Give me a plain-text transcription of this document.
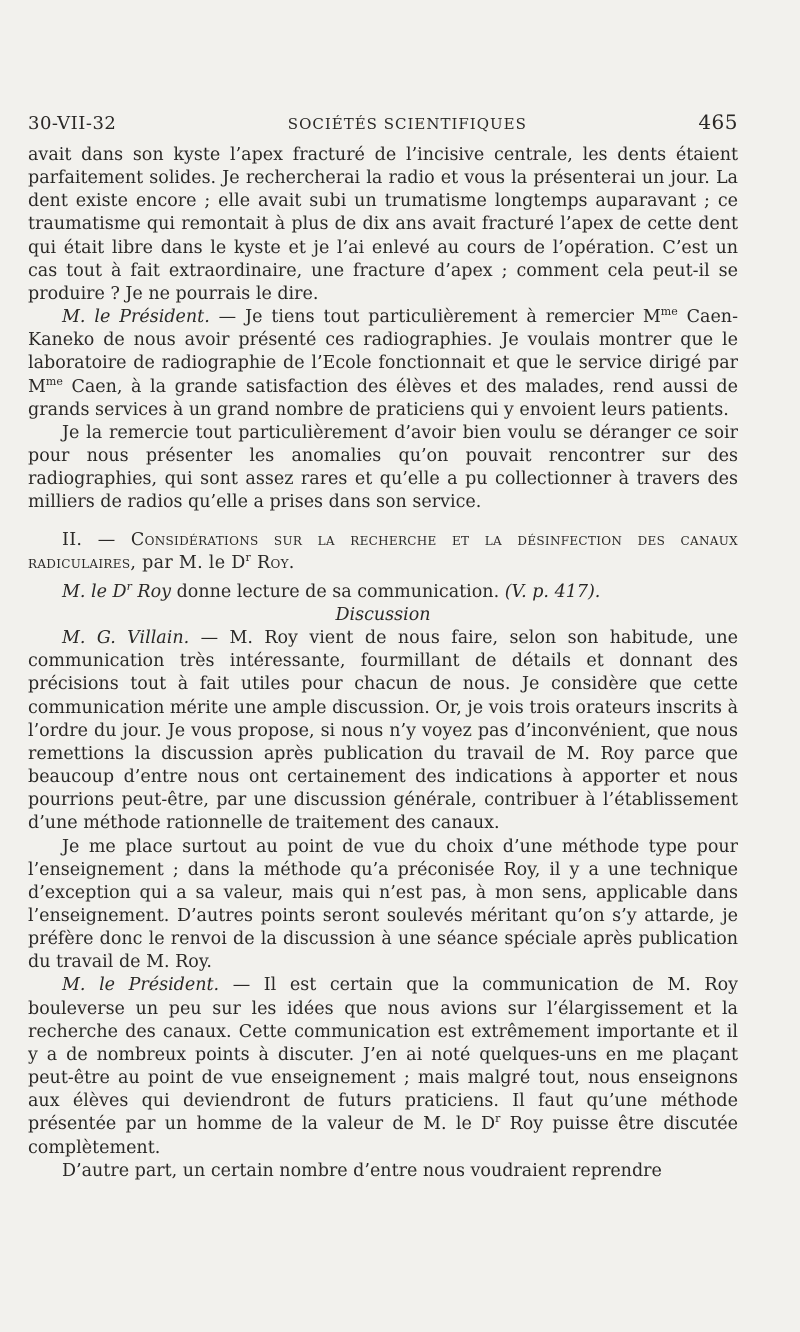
30-VII-32	SOCIÉTÉS SCIENTIFIQUES	465

avait dans son kyste l’apex fracturé de l’incisive centrale, les dents étaient parfaitement solides. Je rechercherai la radio et vous la présenterai un jour. La dent existe encore ; elle avait subi un trumatisme longtemps auparavant ; ce traumatisme qui remontait à plus de dix ans avait fracturé l’apex de cette dent qui était libre dans le kyste et je l’ai enlevé au cours de l’opération. C’est un cas tout à fait extraordinaire, une fracture d’apex ; comment cela peut-il se produire ? Je ne pourrais le dire.

M. le Président. — Je tiens tout particulièrement à remercier $M^{me}$ Caen-Kaneko de nous avoir présenté ces radiographies. Je voulais montrer que le laboratoire de radiographie de l’Ecole fonctionnait et que le service dirigé par $M^{me}$ Caen, à la grande satisfaction des élèves et des malades, rend aussi de grands services à un grand nombre de praticiens qui y envoient leurs patients.

Je la remercie tout particulièrement d’avoir bien voulu se déranger ce soir pour nous présenter les anomalies qu’on pouvait rencontrer sur des radiographies, qui sont assez rares et qu’elle a pu collectionner à travers des milliers de radios qu’elle a prises dans son service.

II. — Considérations sur la recherche et la désinfection des canaux radiculaires, par M. le $D^r$ Roy.

M. le $D^r$ Roy donne lecture de sa communication. (V. p. 417).

Discussion

M. G. Villain. — M. Roy vient de nous faire, selon son habitude, une communication très intéressante, fourmillant de détails et donnant des précisions tout à fait utiles pour chacun de nous. Je considère que cette communication mérite une ample discussion. Or, je vois trois orateurs inscrits à l’ordre du jour. Je vous propose, si nous n’y voyez pas d’inconvénient, que nous remettions la discussion après publication du travail de M. Roy parce que beaucoup d’entre nous ont certainement des indications à apporter et nous pourrions peut-être, par une discussion générale, contribuer à l’établissement d’une méthode rationnelle de traitement des canaux.

Je me place surtout au point de vue du choix d’une méthode type pour l’enseignement ; dans la méthode qu’a préconisée Roy, il y a une technique d’exception qui a sa valeur, mais qui n’est pas, à mon sens, applicable dans l’enseignement. D’autres points seront soulevés méritant qu’on s’y attarde, je préfère donc le renvoi de la discussion à une séance spéciale après publication du travail de M. Roy.

M. le Président. — Il est certain que la communication de M. Roy bouleverse un peu sur les idées que nous avions sur l’élargissement et la recherche des canaux. Cette communication est extrêmement importante et il y a de nombreux points à discuter. J’en ai noté quelques-uns en me plaçant peut-être au point de vue enseignement ; mais malgré tout, nous enseignons aux élèves qui deviendront de futurs praticiens. Il faut qu’une méthode présentée par un homme de la valeur de M. le $D^r$ Roy puisse être discutée complètement.

D’autre part, un certain nombre d’entre nous voudraient reprendre
